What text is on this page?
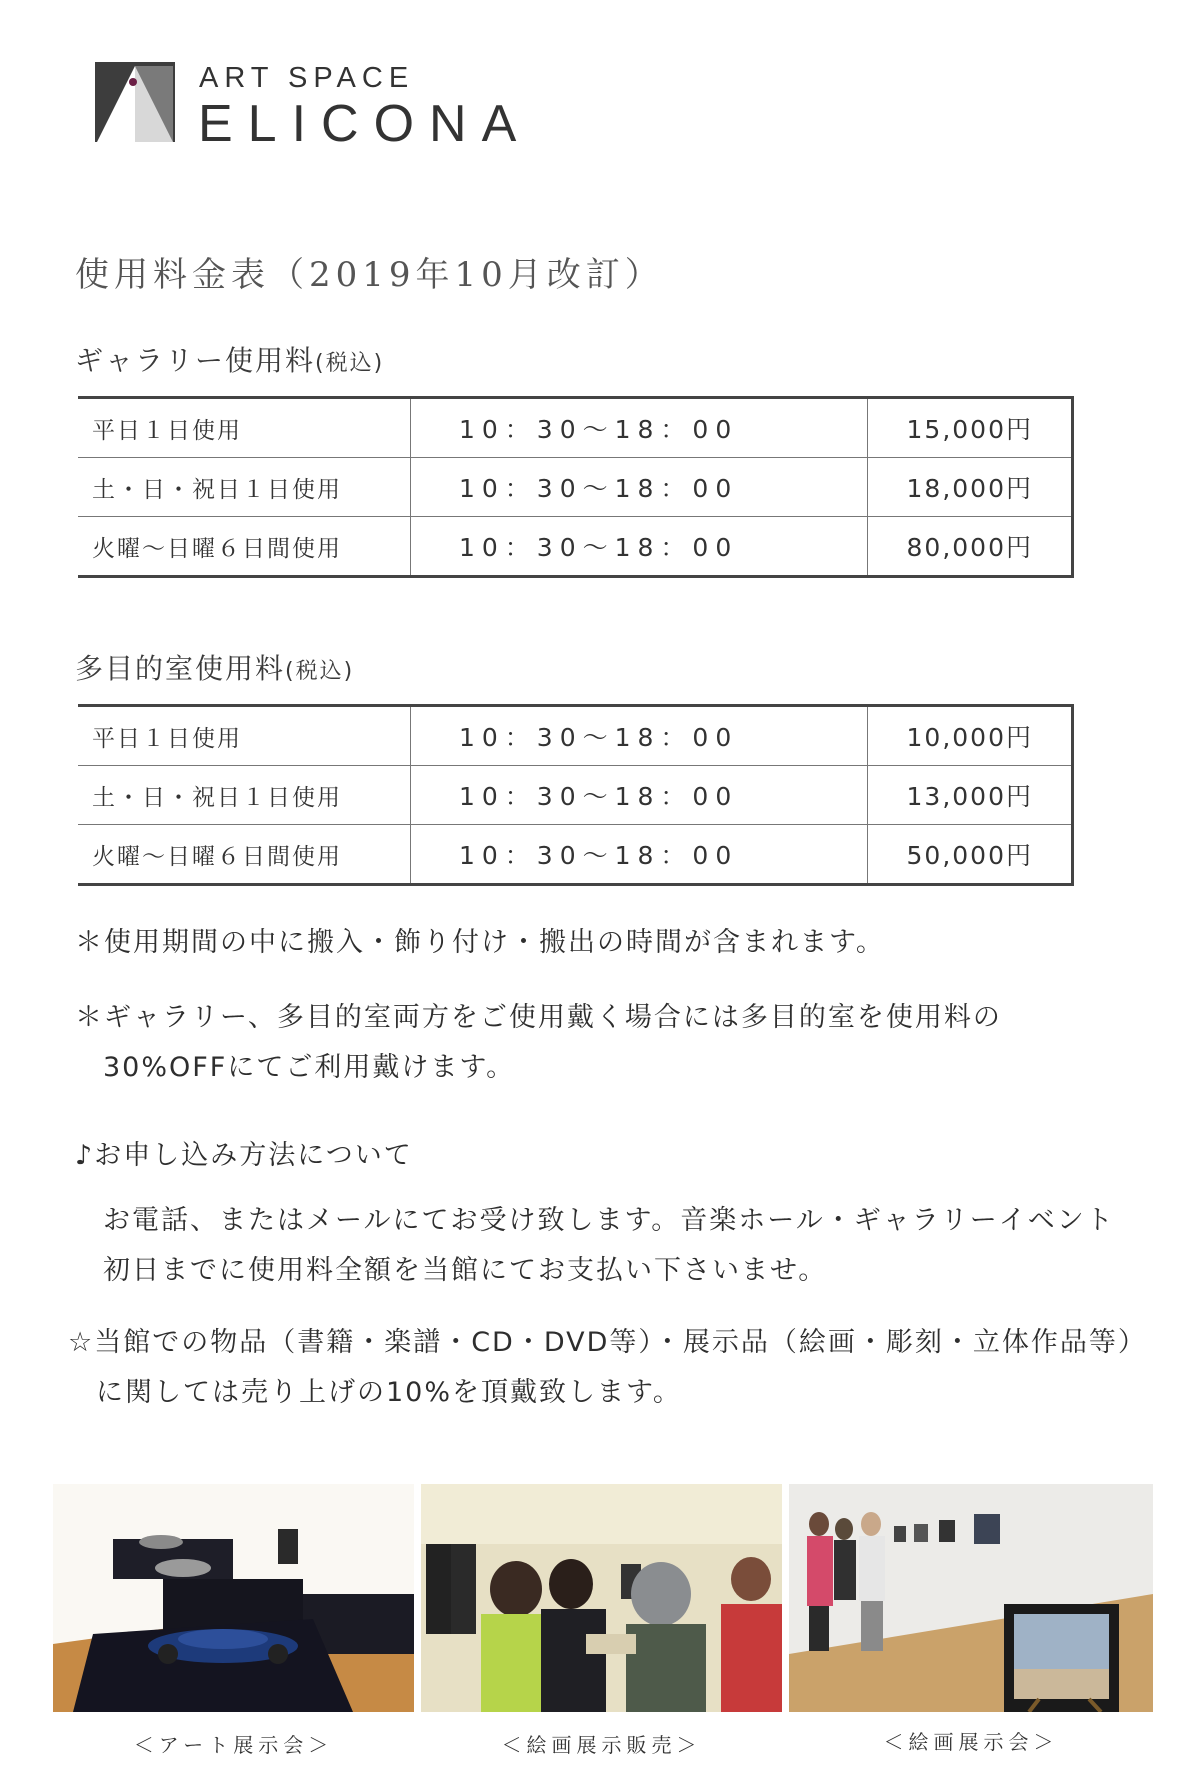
ART SPACE
ELICONA
使用料金表（2019年10月改訂）
ギャラリー使用料(税込)
平日１日使用	10：30〜18：00	15,000円
土・日・祝日１日使用	10：30〜18：00	18,000円
火曜〜日曜６日間使用	10：30〜18：00	80,000円
多目的室使用料(税込)
平日１日使用	10：30〜18：00	10,000円
土・日・祝日１日使用	10：30〜18：00	13,000円
火曜〜日曜６日間使用	10：30〜18：00	50,000円
＊使用期間の中に搬入・飾り付け・搬出の時間が含まれます。
＊ギャラリー、多目的室両方をご使用戴く場合には多目的室を使用料の
30%OFFにてご利用戴けます。
♪お申し込み方法について
お電話、またはメールにてお受け致します。音楽ホール・ギャラリーイベント
初日までに使用料全額を当館にてお支払い下さいませ。
☆当館での物品（書籍・楽譜・CD・DVD等）・展示品（絵画・彫刻・立体作品等）
に関しては売り上げの10%を頂戴致します。
＜アート展示会＞	＜絵画展示販売＞	＜絵画展示会＞
